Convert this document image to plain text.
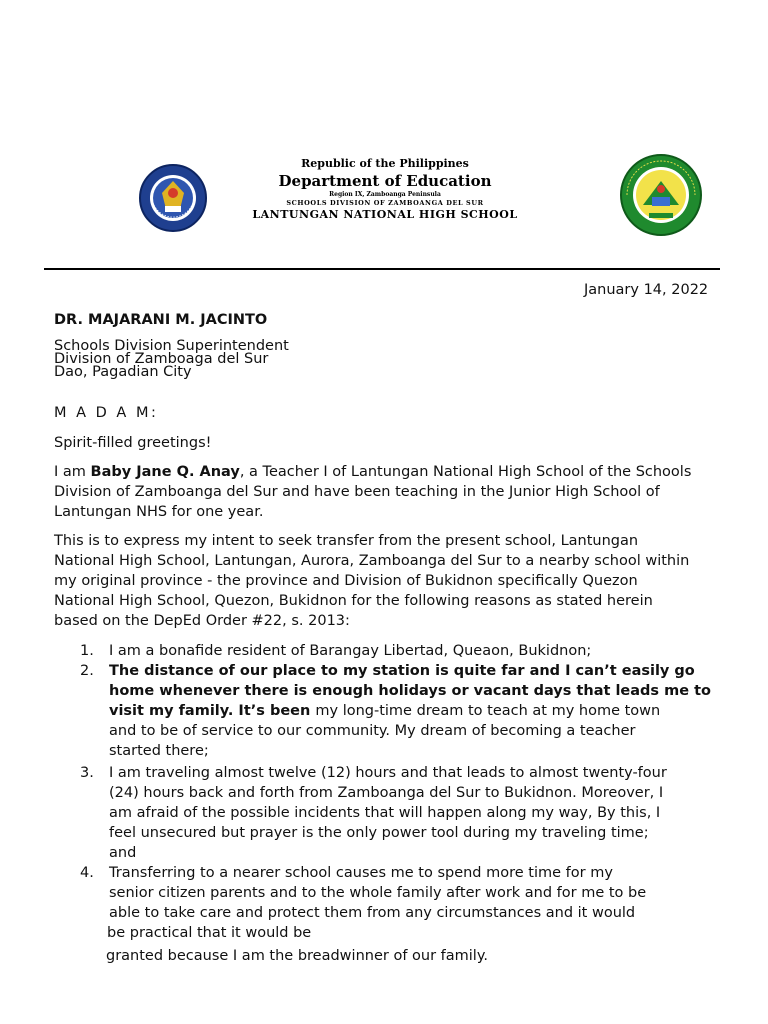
Republic of the Philippines
Department of Education
Region IX, Zamboanga Peninsula
SCHOOLS DIVISION OF ZAMBOANGA DEL SUR
LANTUNGAN NATIONAL HIGH SCHOOL
January 14, 2022
DR. MAJARANI M. JACINTO
Schools Division Superintendent
Division of Zamboaga del Sur
Dao, Pagadian City
M A D A M:
Spirit-filled greetings!
I am Baby Jane Q. Anay, a Teacher I of Lantungan National High School of the Schools
Division of Zamboanga del Sur and have been teaching in the Junior High School of
Lantungan NHS for one year.
This is to express my intent to seek transfer from the present school, Lantungan
National High School, Lantungan, Aurora, Zamboanga del Sur to a nearby school within
my original province - the province and Division of Bukidnon specifically Quezon
National High School, Quezon, Bukidnon for the following reasons as stated herein
based on the DepEd Order #22, s. 2013:
1. I am a bonafide resident of Barangay Libertad, Queaon, Bukidnon;
2. The distance of our place to my station is quite far and I can’t easily go
home whenever there is enough holidays or vacant days that leads me to
visit my family. It’s been my long-time dream to teach at my home town
and to be of service to our community. My dream of becoming a teacher
started there;
3. I am traveling almost twelve (12) hours and that leads to almost twenty-four
(24) hours back and forth from Zamboanga del Sur to Bukidnon. Moreover, I
am afraid of the possible incidents that will happen along my way, By this, I
feel unsecured but prayer is the only power tool during my traveling time;
and
4. Transferring to a nearer school causes me to spend more time for my
senior citizen parents and to the whole family after work and for me to be
able to take care and protect them from any circumstances and it would
be practical that it would be
granted because I am the breadwinner of our family.
